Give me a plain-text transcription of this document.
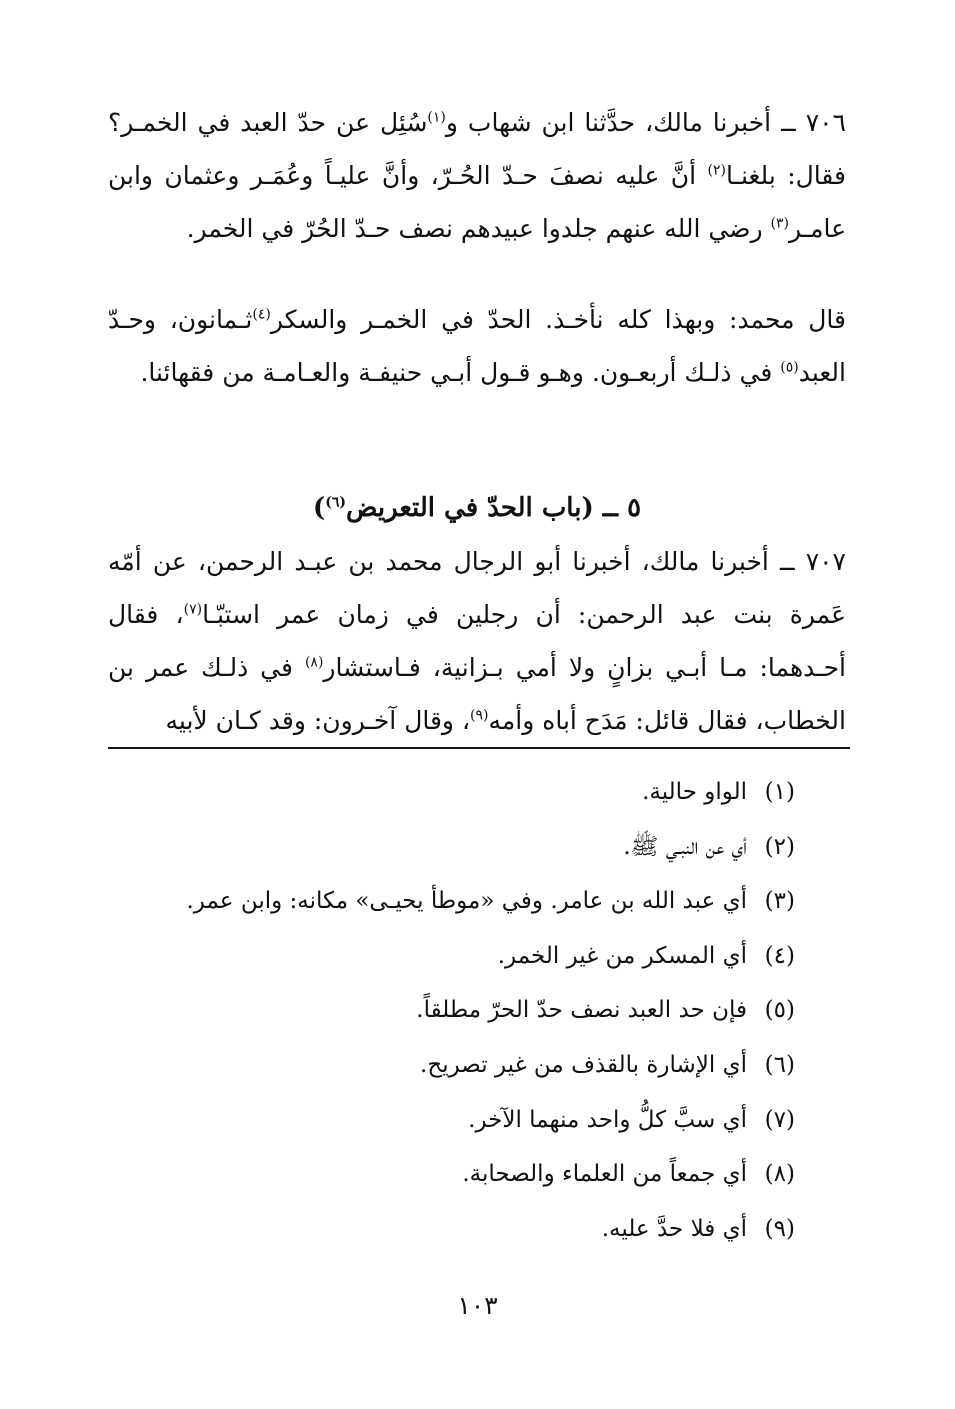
٧٠٦ ــ أخبرنا مالك، حدَّثنا ابن شهاب و$^{(١)}$سُئِل عن حدّ العبد في الخمـر؟ فقال: بلغنـا$^{(٢)}$ أنَّ عليه نصفَ حـدّ الحُـرّ، وأنَّ عليـاً وعُمَـر وعثمان وابن عامـر$^{(٣)}$ رضي الله عنهم جلدوا عبيدهم نصف حـدّ الحُرّ في الخمر.

قال محمد: وبهذا كله نأخـذ. الحدّ في الخمـر والسكر$^{(٤)}$ثـمانون، وحـدّ العبد$^{(٥)}$ في ذلـك أربعـون. وهـو قـول أبـي حنيفـة والعـامـة من فقهائنا.

٥ ــ (باب الحدّ في التعريض$^{(٦)}$)

٧٠٧ ــ أخبرنا مالك، أخبرنا أبو الرجال محمد بن عبـد الرحمن، عن أمّه عَمرة بنت عبد الرحمن: أن رجلين في زمان عمر استبّـا$^{(٧)}$، فقال أحـدهما: مـا أبـي بزانٍ ولا أمي بـزانية، فـاستشار$^{(٨)}$ في ذلـك عمر بن الخطاب، فقال قائل: مَدَح أباه وأمه$^{(٩)}$، وقال آخـرون: وقد كـان لأبيه

(١)
الواو حالية.
(٢)
أي عن النبـي ﷺ.
(٣)
أي عبد الله بن عامر. وفي «موطأ يحيـى» مكانه: وابن عمر.
(٤)
أي المسكر من غير الخمر.
(٥)
فإن حد العبد نصف حدّ الحرّ مطلقاً.
(٦)
أي الإشارة بالقذف من غير تصريح.
(٧)
أي سبَّ كلُّ واحد منهما الآخر.
(٨)
أي جمعاً من العلماء والصحابة.
(٩)
أي فلا حدَّ عليه.
١٠٣
